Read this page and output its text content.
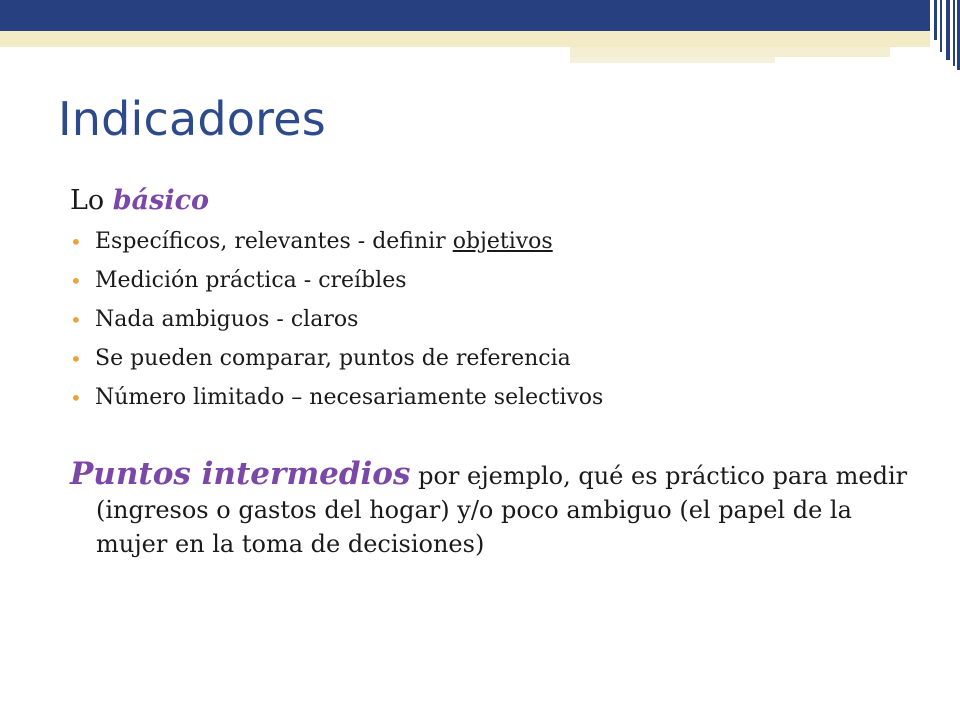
Indicadores

Lo básico

• Específicos, relevantes - definir objetivos
• Medición práctica - creíbles
• Nada ambiguos - claros
• Se pueden comparar, puntos de referencia
• Número limitado – necesariamente selectivos

Puntos intermedios por ejemplo, qué es práctico para medir (ingresos o gastos del hogar) y/o poco ambiguo (el papel de la mujer en la toma de decisiones)
